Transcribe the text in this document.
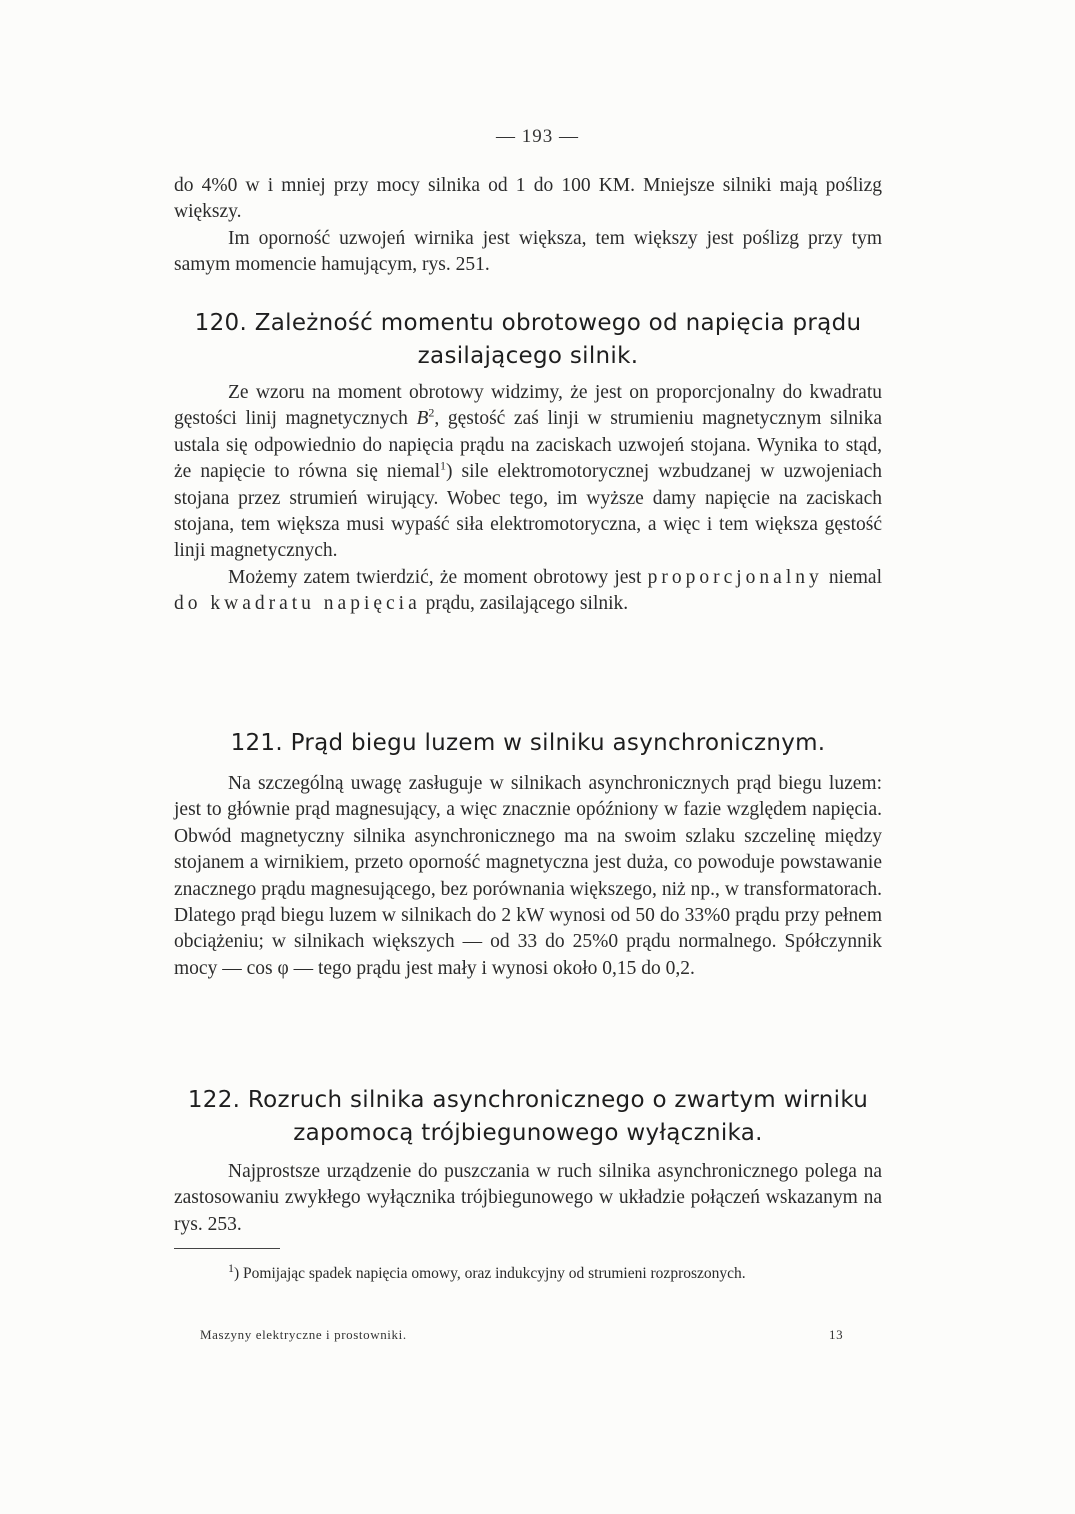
— 193 —

do 4%0 w i mniej przy mocy silnika od 1 do 100 KM. Mniejsze silniki mają poślizg większy.

Im oporność uzwojeń wirnika jest większa, tem większy jest poślizg przy tym samym momencie hamującym, rys. 251.

120. Zależność momentu obrotowego od napięcia prądu
zasilającego silnik.

Ze wzoru na moment obrotowy widzimy, że jest on proporcjonalny do kwadratu gęstości linij magnetycznych $B^2$, gęstość zaś linji w strumieniu magnetycznym silnika ustala się odpowiednio do napięcia prądu na zaciskach uzwojeń stojana. Wynika to stąd, że napięcie to równa się niemal$^1$) sile elektromotorycznej wzbudzanej w uzwojeniach stojana przez strumień wirujący. Wobec tego, im wyższe damy napięcie na zaciskach stojana, tem większa musi wypaść siła elektromotoryczna, a więc i tem większa gęstość linji magnetycznych.

Możemy zatem twierdzić, że moment obrotowy jest proporcjonalny niemal do kwadratu napięcia prądu, zasilającego silnik.

121. Prąd biegu luzem w silniku asynchronicznym.

Na szczególną uwagę zasługuje w silnikach asynchronicznych prąd biegu luzem: jest to głównie prąd magnesujący, a więc znacznie opóźniony w fazie względem napięcia. Obwód magnetyczny silnika asynchronicznego ma na swoim szlaku szczelinę między stojanem a wirnikiem, przeto oporność magnetyczna jest duża, co powoduje powstawanie znacznego prądu magnesującego, bez porównania większego, niż np., w transformatorach. Dlatego prąd biegu luzem w silnikach do 2 kW wynosi od 50 do 33%0 prądu przy pełnem obciążeniu; w silnikach większych — od 33 do 25%0 prądu normalnego. Spółczynnik mocy — cos φ — tego prądu jest mały i wynosi około 0,15 do 0,2.

122. Rozruch silnika asynchronicznego o zwartym wirniku
zapomocą trójbiegunowego wyłącznika.

Najprostsze urządzenie do puszczania w ruch silnika asynchronicznego polega na zastosowaniu zwykłego wyłącznika trójbiegunowego w układzie połączeń wskazanym na rys. 253.

$^1$) Pomijając spadek napięcia omowy, oraz indukcyjny od strumieni rozproszonych.

Maszyny elektryczne i prostowniki.	13
